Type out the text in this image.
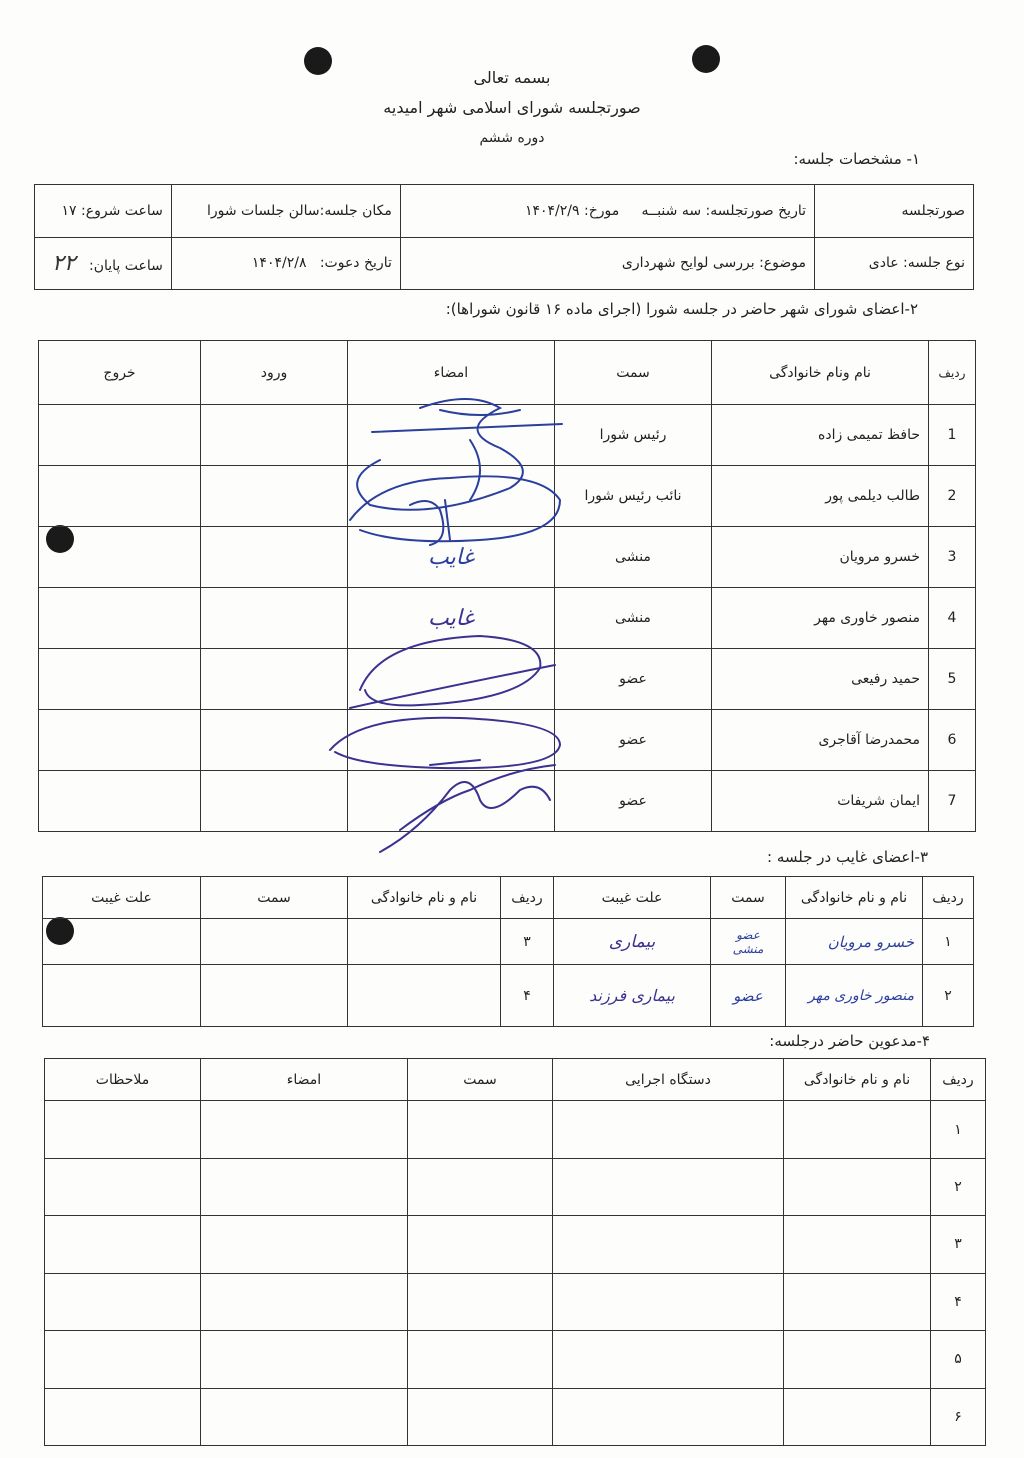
بسمه تعالی
صورتجلسه شورای اسلامی شهر امیدیه
دوره ششم
۱- مشخصات جلسه:
صورتجلسه	تاریخ صورتجلسه: سه شنبــه     مورخ: ۱۴۰۴/۲/۹	مکان جلسه:سالن جلسات شورا	ساعت شروع: ۱۷
نوع جلسه: عادی	موضوع: بررسی لوایح شهرداری	تاریخ دعوت:   ۱۴۰۴/۲/۸	ساعت پایان:   ۲۲
۲-اعضای شورای شهر حاضر در جلسه شورا (اجرای ماده ۱۶ قانون شوراها):
ردیف	نام ونام خانوادگی	سمت	امضاء	ورود	خروج
1	حافظ تمیمی زاده	رئیس شورا			
2	طالب دیلمی پور	نائب رئیس شورا			
3	خسرو مرویان	منشی	غایب		
4	منصور خاوری مهر	منشی	غایب		
5	حمید رفیعی	عضو			
6	محمدرضا آقاجری	عضو			
7	ایمان شریفات	عضو			
۳-اعضای غایب در جلسه :
ردیف	نام و نام خانوادگی	سمت	علت غیبت	ردیف	نام و نام خانوادگی	سمت	علت غیبت
۱	خسرو مرویان	عضو منشی	بیماری	۳			
۲	منصور خاوری مهر	عضو	بیماری فرزند	۴			
۴-مدعوین حاضر درجلسه:
ردیف	نام و نام خانوادگی	دستگاه اجرایی	سمت	امضاء	ملاحظات
۱					
۲					
۳					
۴					
۵					
۶					
